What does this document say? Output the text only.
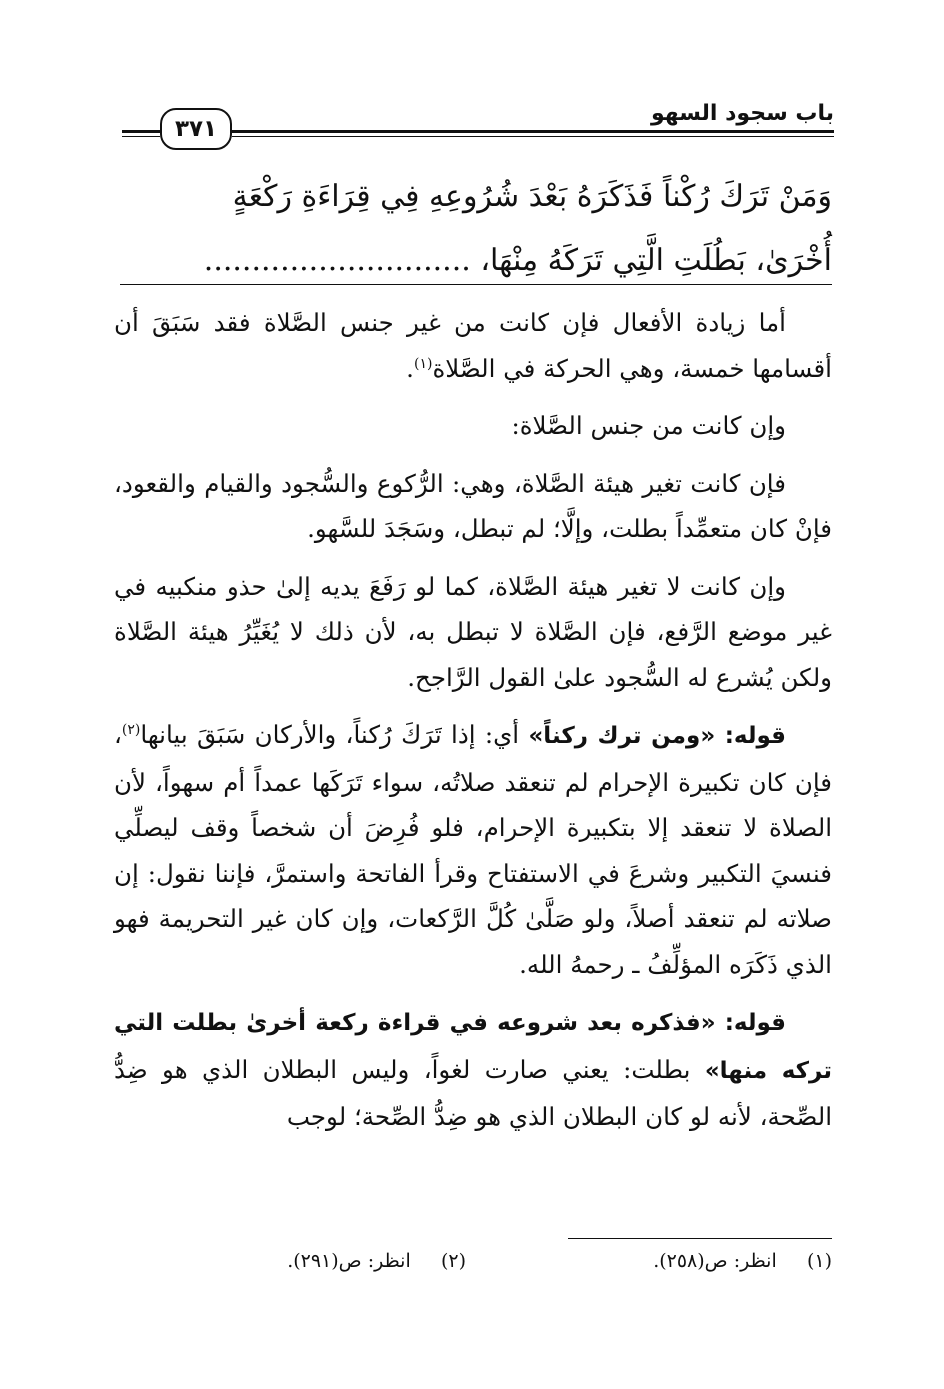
باب سجود السهو
٣٧١
وَمَنْ تَرَكَ رُكْناً فَذَكَرَهُ بَعْدَ شُرُوعِهِ فِي قِرَاءَةِ رَكْعَةٍ
أُخْرَىٰ، بَطُلَتِ الَّتِي تَرَكَهُ مِنْهَا، ............................

أما زيادة الأفعال فإن كانت من غير جنس الصَّلاة فقد سَبَقَ أن أقسامها خمسة، وهي الحركة في الصَّلاة$^{(١)}$.

وإن كانت من جنس الصَّلاة:

فإن كانت تغير هيئة الصَّلاة، وهي: الرُّكوع والسُّجود والقيام والقعود، فإنْ كان متعمِّداً بطلت، وإلَّا؛ لم تبطل، وسَجَدَ للسَّهو.

وإن كانت لا تغير هيئة الصَّلاة، كما لو رَفَعَ يديه إلىٰ حذو منكبيه في غير موضع الرَّفع، فإن الصَّلاة لا تبطل به، لأن ذلك لا يُغَيِّرُ هيئة الصَّلاة ولكن يُشرع له السُّجود علىٰ القول الرَّاجح.

قوله: «ومن ترك ركناً» أي: إذا تَرَكَ رُكناً، والأركان سَبَقَ بيانها$^{(٢)}$، فإن كان تكبيرة الإحرام لم تنعقد صلاتُه، سواء تَرَكَها عمداً أم سهواً، لأن الصلاة لا تنعقد إلا بتكبيرة الإحرام، فلو فُرِضَ أن شخصاً وقف ليصلِّي فنسيَ التكبير وشرعَ في الاستفتاح وقرأ الفاتحة واستمرَّ، فإننا نقول: إن صلاته لم تنعقد أصلاً، ولو صَلَّىٰ كُلَّ الرَّكعات، وإن كان غير التحريمة فهو الذي ذَكَرَه المؤلِّفُ ـ رحمهُ الله.

قوله: «فذكره بعد شروعه في قراءة ركعة أخرىٰ بطلت التي تركه منها» بطلت: يعني صارت لغواً، وليس البطلان الذي هو ضِدُّ الصِّحة، لأنه لو كان البطلان الذي هو ضِدُّ الصِّحة؛ لوجب

(١)     انظر: ص(٢٥٨).
(٢)     انظر: ص(٢٩١).
